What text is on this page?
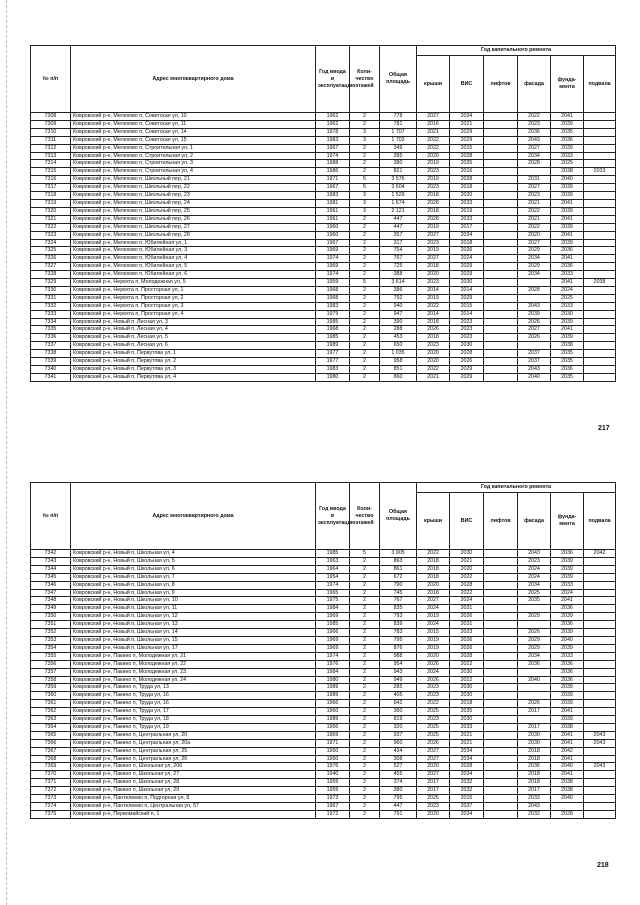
№ п/п	Адрес многоквартирного дома	Год ввода в эксплуатацию	Коли-чество этажей	Общая площадь	Год капитального ремонта					
					крыши	ВИС	лифтов	фасада	фунда-мента	подвала
7308	Ковровский р-н, Мелехово п, Советская ул, 10	1962	2	778	2027	2034		2022	2041	
7309	Ковровский р-н, Мелехово п, Советская ул, 11	1962	2	781	2016	2021		2023	2039	
7310	Ковровский р-н, Мелехово п, Советская ул, 14	1978	3	1 707	2021	2029		2036	2035	
7311	Ковровский р-н, Мелехово п, Советская ул, 15	1983	3	1 703	2022	2029		2043	2036	
7312	Ковровский р-н, Мелехово п, Строительная ул, 1	1967	2	349	2022	2015		2027	2039	
7313	Ковровский р-н, Мелехово п, Строительная ул, 2	1974	2	395	2020	2028		2034	2033	
7314	Ковровский р-н, Мелехово п, Строительная ул, 3	1988	2	380	2019	2035		2028	2025	
7315	Ковровский р-н, Мелехово п, Строительная ул, 4	1986	2	821	2023	2016			2038	2033
7316	Ковровский р-н, Мелехово п, Школьный пер, 21	1971	5	3 576	2019	2028		2031	2040	
7317	Ковровский р-н, Мелехово п, Школьный пер, 22	1967	5	3 604	2023	2018		2027	2039	
7318	Ковровский р-н, Мелехово п, Школьный пер, 23	1983	3	1 529	2018	2020		2023	2039	
7319	Ковровский р-н, Мелехово п, Школьный пер, 24	1981	3	1 674	2028	2033		2021	2041	
7320	Ковровский р-н, Мелехово п, Школьный пер, 25	1961	3	2 121	2018	2019		2022	2039	
7321	Ковровский р-н, Мелехово п, Школьный пер, 26	1961	2	447	2028	2033		2021	2041	
7322	Ковровский р-н, Мелехово п, Школьный пер, 27	1960	2	447	2019	2017		2022	2039	
7323	Ковровский р-н, Мелехово п, Школьный пер, 28	1960	2	357	2027	2034		2020	2041	
7324	Ковровский р-н, Мелехово п, Юбилейная ул, 1	1967	2	317	2023	2018		2027	2039	
7325	Ковровский р-н, Мелехово п, Юбилейная ул, 3	1969	2	754	2019	2026		2029	2036	
7326	Ковровский р-н, Мелехово п, Юбилейная ул, 4	1974	2	767	2027	2024		2034	2041	
7327	Ковровский р-н, Мелехово п, Юбилейная ул, 5	1969	2	725	2018	2029		2029	2036	
7328	Ковровский р-н, Мелехово п, Юбилейная ул, 6	1974	2	388	2020	2029		2034	2033	
7329	Ковровский р-н, Нерехта п, Молодежная ул, 5	1959	5	3 614	2023	2030			2041	2038
7330	Ковровский р-н, Нерехта п, Просторная ул, 1	1968	2	386	2014	2014		2028	2024	
7331	Ковровский р-н, Нерехта п, Просторная ул, 2	1968	2	792	2019	2029			2025	
7332	Ковровский р-н, Нерехта п, Просторная ул, 3	1983	2	940	2022	2015		2043	2033	
7333	Ковровский р-н, Нерехта п, Просторная ул, 4	1979	2	947	2014	2014		2039	2030	
7334	Ковровский р-н, Новый п, Лесная ул, 3	1985	2	390	2018	2023		2026	2039	
7335	Ковровский р-н, Новый п, Лесная ул, 4	1968	2	288	2026	2023		2027	2041	
7336	Ковровский р-н, Новый п, Лесная ул, 5	1985	2	453	2018	2023		2026	2039	
7337	Ковровский р-н, Новый п, Лесная ул, 6	1989	2	650	2023	2030			2038	
7338	Ковровский р-н, Новый п, Первутова ул, 1	1977	2	1 035	2020	2028		2037	2035	
7339	Ковровский р-н, Новый п, Первутова ул, 2	1977	2	958	2020	2026		2037	2035	
7340	Ковровский р-н, Новый п, Первутова ул, 3	1983	2	851	2022	2029		2043	2036	
7341	Ковровский р-н, Новый п, Первутова ул, 4	1980	2	860	2021	2029		2040	2035	
217
№ п/п	Адрес многоквартирного дома	Год ввода в эксплуатацию	Коли-чество этажей	Общая площадь	Год капитального ремонта					
					крыши	ВИС	лифтов	фасада	фунда-мента	подвала
7342	Ковровский р-н, Новый п, Школьная ул, 4	1985	5	3 905	2022	2030		2043	2036	2042
7343	Ковровский р-н, Новый п, Школьная ул, 5	1963	2	863	2018	2021		2023	2039	
7344	Ковровский р-н, Новый п, Школьная ул, 6	1964	2	861	2018	2020		2024	2039	
7345	Ковровский р-н, Новый п, Школьная ул, 7	1954	2	672	2018	2022		2024	2039	
7346	Ковровский р-н, Новый п, Школьная ул, 8	1974	2	790	2020	2028		2034	2033	
7347	Ковровский р-н, Новый п, Школьная ул, 9	1965	2	745	2018	2022		2025	2024	
7348	Ковровский р-н, Новый п, Школьная ул, 10	1975	2	767	2027	2024		2035	2041	
7349	Ковровский р-н, Новый п, Школьная ул, 11	1984	2	835	2024	2031			2036	
7350	Ковровский р-н, Новый п, Школьная ул, 12	1969	2	793	2019	2026		2029	2039	
7351	Ковровский р-н, Новый п, Школьная ул, 13	1985	2	839	2024	2031			2036	
7352	Ковровский р-н, Новый п, Школьная ул, 14	1966	2	783	2015	2023		2026	2039	
7353	Ковровский р-н, Новый п, Школьная ул, 15	1969	2	795	2019	2026		2029	2040	
7354	Ковровский р-н, Новый п, Школьная ул, 17	1969	2	876	2019	2026		2029	2039	
7355	Ковровский р-н, Пакино п, Молодежная ул, 21	1974	2	988	2020	2028		2034	2033	
7356	Ковровский р-н, Пакино п, Молодежная ул, 22	1976	2	954	2026	2022		2036	2036	
7357	Ковровский р-н, Пакино п, Молодежная ул, 23	1984	2	943	2024	2030			2036	
7358	Ковровский р-н, Пакино п, Молодежная ул, 24	1980	2	949	2026	2022		2040	2036	
7359	Ковровский р-н, Пакино п, Труда ул, 13	1989	2	285	2023	2030			2039	
7360	Ковровский р-н, Пакино п, Труда ул, 16	1989	2	405	2023	2030			2039	
7361	Ковровский р-н, Пакино п, Труда ул, 16	1966	2	642	2022	2018		2026	2039	
7362	Ковровский р-н, Пакино п, Труда ул, 17	1960	2	360	2025	2035		2017	2041	
7363	Ковровский р-н, Пакино п, Труда ул, 18	1989	2	819	2023	2030			2039	
7364	Ковровский р-н, Пакино п, Труда ул, 19	1956	2	320	2025	2033		2017	2038	
7365	Ковровский р-н, Пакино п, Центральная ул, 20	1969	2	937	2025	2021		2030	2041	2043
7366	Ковровский р-н, Пакино п, Центральная ул, 20а	1971	2	960	2026	2021		2030	2041	2043
7367	Ковровский р-н, Пакино п, Центральная ул, 25	1950	2	434	2027	2034		2018	2042	
7368	Ковровский р-н, Пакино п, Центральная ул, 26	1950	2	308	2027	2034		2018	2041	
7369	Ковровский р-н, Пакино п, Школьная ул, 206	1976	2	527	2020	2028		2036	2040	2043
7370	Ковровский р-н, Пакино п, Школьная ул, 27	1940	2	455	2027	2034		2018	2041	
7371	Ковровский р-н, Пакино п, Школьная ул, 28	1959	2	374	2017	2032		2018	2038	
7372	Ковровский р-н, Пакино п, Школьная ул, 29	1959	2	380	2017	2032		2017	2038	
7373	Ковровский р-н, Пантелеево п, Подгорная ул, 8	1973	2	795	2025	2015		2033	2040	
7374	Ковровский р-н, Пантелеево п, Центральная ул, 57	1967	2	447	2023	2037		2043		
7375	Ковровский р-н, Первомайский п, 1	1972	2	791	2020	2034		2032	2028	
218
